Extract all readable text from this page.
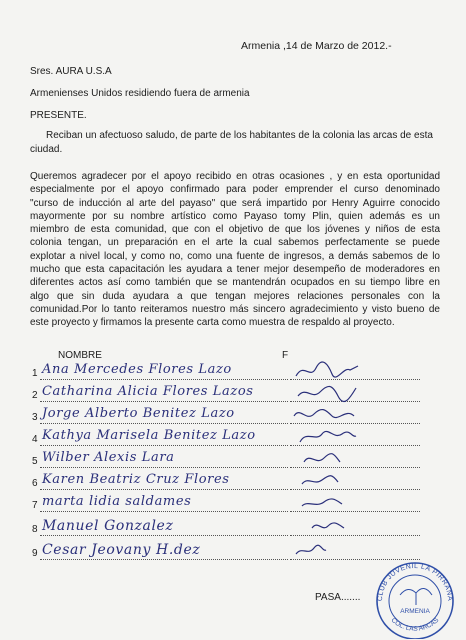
Armenia ,14 de Marzo de 2012.-
Sres. AURA U.S.A
Armenienses Unidos residiendo fuera de armenia
PRESENTE.
Reciban un afectuoso saludo, de parte de los habitantes de la colonia las arcas de esta
ciudad.
Queremos agradecer por el apoyo recibido en otras ocasiones , y en esta oportunidad
especialmente por el apoyo confirmado para poder emprender el curso denominado
"curso de inducción al arte del payaso" que será impartido por Henry Aguirre conocido
mayormente por su nombre artístico como Payaso tomy Plin, quien además es un
miembro de esta comunidad, que con el objetivo de que los jóvenes y niños de esta
colonia tengan, un preparación en el arte la cual sabemos perfectamente se puede
explotar a nivel local, y como no, como una fuente de ingresos, a demás sabemos de lo
mucho que esta capacitación les ayudara a tener mejor desempeño de moderadores en
diferentes actos así como también que se mantendrán ocupados en su tiempo libre en
algo que sin duda ayudara a que tengan mejores relaciones personales con la
comunidad.Por lo tanto reiteramos nuestro más sincero agradecimiento y visto bueno de
este proyecto y firmamos la presente carta como muestra de respaldo al proyecto.
NOMBRE	F
1 Ana Mercedes Flores Lazo
2 Catharina Alicia Flores Lazos
3 Jorge Alberto Benitez Lazo
4 Kathya Marisela Benitez Lazo
5 Wilber Alexis Lara
6 Karen Beatriz Cruz Flores
7 marta lidia saldames
8 Manuel Gonzalez
9 Cesar Jeovany H.dez
PASA....... CLUB JUVENIL LA PIRRANA
COL. LAS ARCAS
ARMENIA
